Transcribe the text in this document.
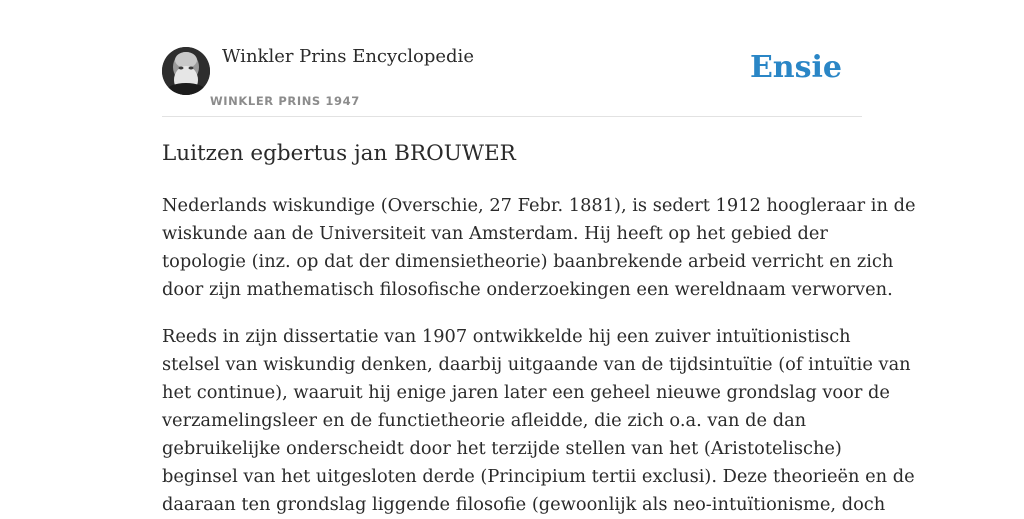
Winkler Prins Encyclopedie
WINKLER PRINS 1947
Ensie
Luitzen egbertus jan BROUWER
Nederlands wiskundige (Overschie, 27 Febr. 1881), is sedert 1912 hoogleraar in de
wiskunde aan de Universiteit van Amsterdam. Hij heeft op het gebied der
topologie (inz. op dat der dimensietheorie) baanbrekende arbeid verricht en zich
door zijn mathematisch filosofische onderzoekingen een wereldnaam verworven.
Reeds in zijn dissertatie van 1907 ontwikkelde hij een zuiver intuïtionistisch
stelsel van wiskundig denken, daarbij uitgaande van de tijdsintuïtie (of intuïtie van
het continue), waaruit hij enige jaren later een geheel nieuwe grondslag voor de
verzamelingsleer en de functietheorie afleidde, die zich o.a. van de dan
gebruikelijke onderscheidt door het terzijde stellen van het (Aristotelische)
beginsel van het uitgesloten derde (Principium tertii exclusi). Deze theorieën en de
daaraan ten grondslag liggende filosofie (gewoonlijk als neo-intuïtionisme, doch
